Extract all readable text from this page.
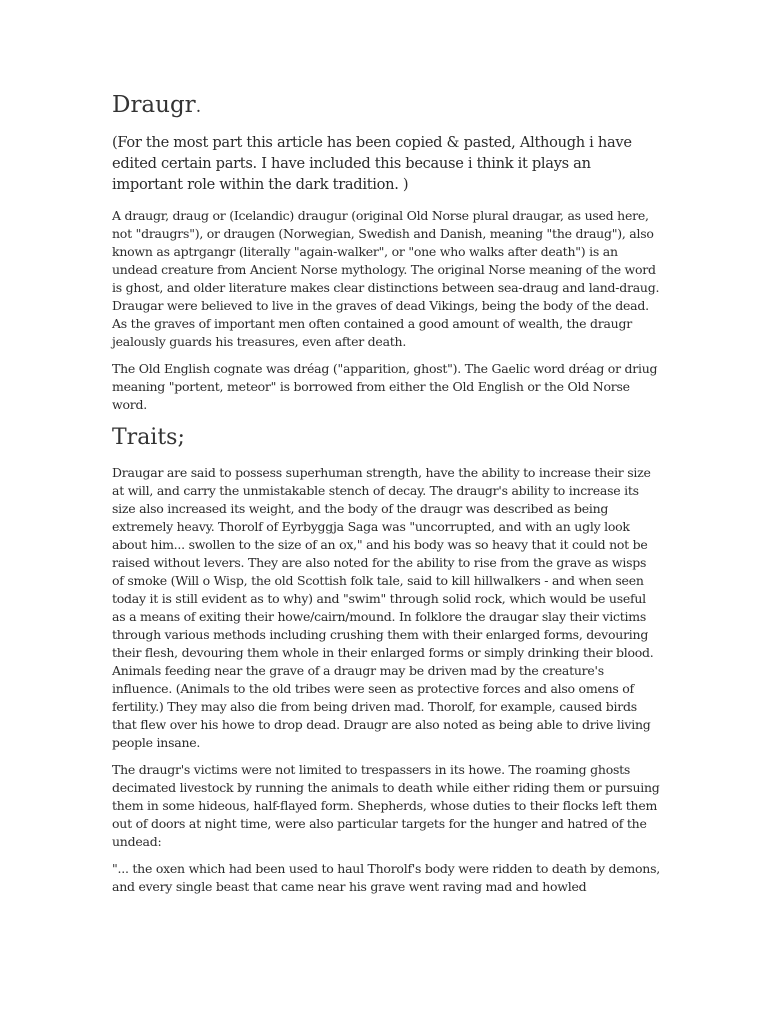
Draugr.

(For the most part this article has been copied & pasted, Although i have edited certain parts. I have included this because i think it plays an important role within the dark tradition. )

A draugr, draug or (Icelandic) draugur (original Old Norse plural draugar, as used here, not "draugrs"), or draugen (Norwegian, Swedish and Danish, meaning "the draug"), also known as aptrgangr (literally "again-walker", or "one who walks after death") is an undead creature from Ancient Norse mythology. The original Norse meaning of the word is ghost, and older literature makes clear distinctions between sea-draug and land-draug. Draugar were believed to live in the graves of dead Vikings, being the body of the dead. As the graves of important men often contained a good amount of wealth, the draugr jealously guards his treasures, even after death.

The Old English cognate was dréag ("apparition, ghost"). The Gaelic word dréag or driug meaning "portent, meteor" is borrowed from either the Old English or the Old Norse word.

Traits;

Draugar are said to possess superhuman strength, have the ability to increase their size at will, and carry the unmistakable stench of decay. The draugr's ability to increase its size also increased its weight, and the body of the draugr was described as being extremely heavy. Thorolf of Eyrbyggja Saga was "uncorrupted, and with an ugly look about him... swollen to the size of an ox," and his body was so heavy that it could not be raised without levers. They are also noted for the ability to rise from the grave as wisps of smoke (Will o Wisp, the old Scottish folk tale, said to kill hillwalkers - and when seen today it is still evident as to why) and "swim" through solid rock, which would be useful as a means of exiting their howe/cairn/mound. In folklore the draugar slay their victims through various methods including crushing them with their enlarged forms, devouring their flesh, devouring them whole in their enlarged forms or simply drinking their blood. Animals feeding near the grave of a draugr may be driven mad by the creature's influence. (Animals to the old tribes were seen as protective forces and also omens of fertility.) They may also die from being driven mad. Thorolf, for example, caused birds that flew over his howe to drop dead. Draugr are also noted as being able to drive living people insane.

The draugr's victims were not limited to trespassers in its howe. The roaming ghosts decimated livestock by running the animals to death while either riding them or pursuing them in some hideous, half-flayed form. Shepherds, whose duties to their flocks left them out of doors at night time, were also particular targets for the hunger and hatred of the undead:

"... the oxen which had been used to haul Thorolf's body were ridden to death by demons, and every single beast that came near his grave went raving mad and howled
